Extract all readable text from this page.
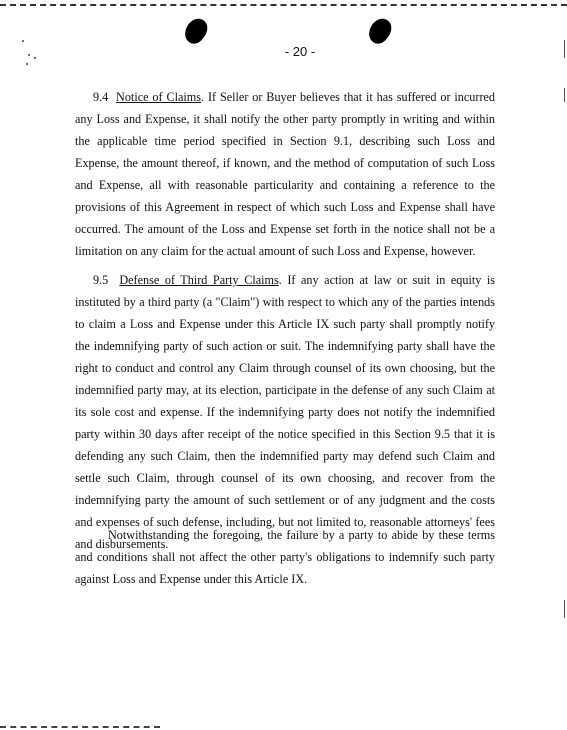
- 20 -

9.4 Notice of Claims. If Seller or Buyer believes that it has suffered or incurred any Loss and Expense, it shall notify the other party promptly in writing and within the applicable time period specified in Section 9.1, describing such Loss and Expense, the amount thereof, if known, and the method of computation of such Loss and Expense, all with reasonable particularity and containing a reference to the provisions of this Agreement in respect of which such Loss and Expense shall have occurred. The amount of the Loss and Expense set forth in the notice shall not be a limitation on any claim for the actual amount of such Loss and Expense, however.

9.5 Defense of Third Party Claims. If any action at law or suit in equity is instituted by a third party (a "Claim") with respect to which any of the parties intends to claim a Loss and Expense under this Article IX such party shall promptly notify the indemnifying party of such action or suit. The indemnifying party shall have the right to conduct and control any Claim through counsel of its own choosing, but the indemnified party may, at its election, participate in the defense of any such Claim at its sole cost and expense. If the indemnifying party does not notify the indemnified party within 30 days after receipt of the notice specified in this Section 9.5 that it is defending any such Claim, then the indemnified party may defend such Claim and settle such Claim, through counsel of its own choosing, and recover from the indemnifying party the amount of such settlement or of any judgment and the costs and expenses of such defense, including, but not limited to, reasonable attorneys' fees and disbursements.

Notwithstanding the foregoing, the failure by a party to abide by these terms and conditions shall not affect the other party's obligations to indemnify such party against Loss and Expense under this Article IX.
